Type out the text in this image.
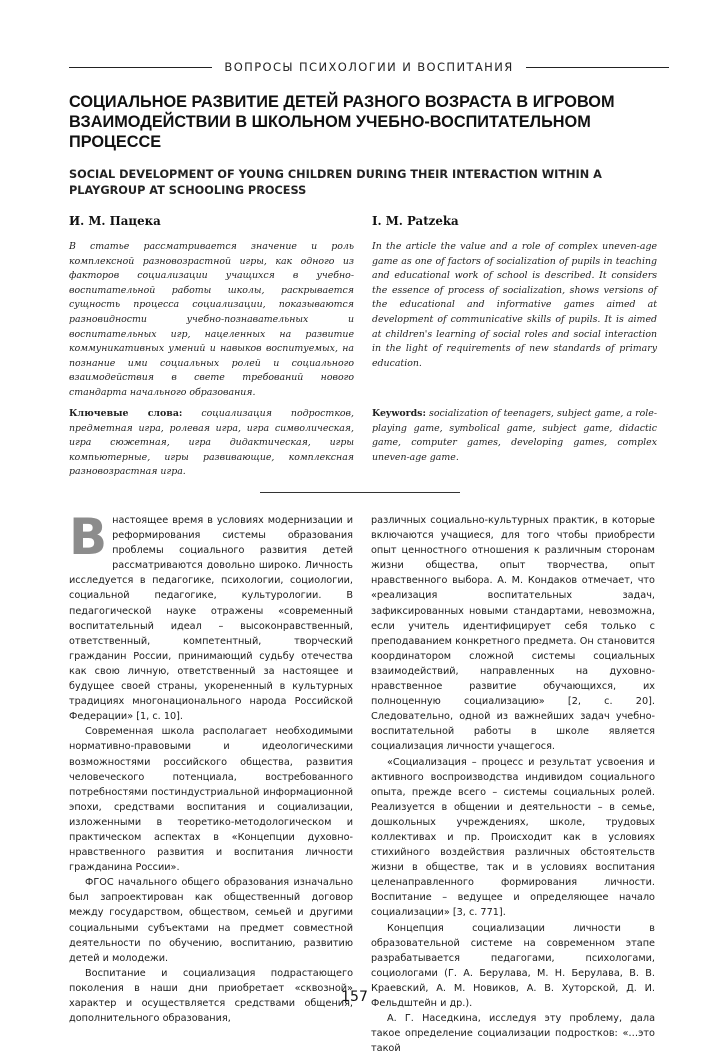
ВОПРОСЫ ПСИХОЛОГИИ И ВОСПИТАНИЯ
СОЦИАЛЬНОЕ РАЗВИТИЕ ДЕТЕЙ РАЗНОГО ВОЗРАСТА В ИГРОВОМ ВЗАИМОДЕЙСТВИИ В ШКОЛЬНОМ УЧЕБНО-ВОСПИТАТЕЛЬНОМ ПРОЦЕССЕ
SOCIAL DEVELOPMENT OF YOUNG CHILDREN DURING THEIR INTERACTION WITHIN A PLAYGROUP AT SCHOOLING PROCESS
И. М. Пацека	I. M. Patzeka

В статье рассматривается значение и роль комплексной разновозрастной игры, как одного из факторов социализации учащихся в учебно-воспитательной работы школы, раскрывается сущность процесса социализации, показываются разновидности учебно-познавательных и воспитательных игр, нацеленных на развитие коммуникативных умений и навыков воспитуемых, на познание ими социальных ролей и социального взаимодействия в свете требований нового стандарта начального образования.

In the article the value and a role of complex uneven-age game as one of factors of socialization of pupils in teaching and educational work of school is described. It considers the essence of process of socialization, shows versions of the educational and informative games aimed at development of communicative skills of pupils. It is aimed at children's learning of social roles and social interaction in the light of requirements of new standards of primary education.

Ключевые слова: социализация подростков, предметная игра, ролевая игра, игра символическая, игра сюжетная, игра дидактическая, игры компьютерные, игры развивающие, комплексная разновозрастная игра.

Keywords: socialization of teenagers, subject game, a role-playing game, symbolical game, subject game, didactic game, computer games, developing games, complex uneven-age game.

Внастоящее время в условиях модернизации и реформирования системы образования проблемы социального развития детей рассматриваются довольно широко. Личность исследуется в педагогике, психологии, социологии, социальной педагогике, культурологии. В педагогической науке отражены «современный воспитательный идеал – высоконравственный, ответственный, компетентный, творческий гражданин России, принимающий судьбу отечества как свою личную, ответственный за настоящее и будущее своей страны, укорененный в культурных традициях многонационального народа Российской Федерации» [1, с. 10].

Современная школа располагает необходимыми нормативно-правовыми и идеологическими возможностями российского общества, развития человеческого потенциала, востребованного потребностями постиндустриальной информационной эпохи, средствами воспитания и социализации, изложенными в теоретико-методологическом и практическом аспектах в «Концепции духовно-нравственного развития и воспитания личности гражданина России».

ФГОС начального общего образования изначально был запроектирован как общественный договор между государством, обществом, семьей и другими социальными субъектами на предмет совместной деятельности по обучению, воспитанию, развитию детей и молодежи.

Воспитание и социализация подрастающего поколения в наши дни приобретает «сквозной» характер и осуществляется средствами общения, дополнительного образования,

различных социально-культурных практик, в которые включаются учащиеся, для того чтобы приобрести опыт ценностного отношения к различным сторонам жизни общества, опыт творчества, опыт нравственного выбора. А. М. Кондаков отмечает, что «реализация воспитательных задач, зафиксированных новыми стандартами, невозможна, если учитель идентифицирует себя только с преподаванием конкретного предмета. Он становится координатором сложной системы социальных взаимодействий, направленных на духовно-нравственное развитие обучающихся, их полноценную социализацию» [2, с. 20]. Следовательно, одной из важнейших задач учебно-воспитательной работы в школе является социализация личности учащегося.

«Социализация – процесс и результат усвоения и активного воспроизводства индивидом социального опыта, прежде всего – системы социальных ролей. Реализуется в общении и деятельности – в семье, дошкольных учреждениях, школе, трудовых коллективах и пр. Происходит как в условиях стихийного воздействия различных обстоятельств жизни в обществе, так и в условиях воспитания целенаправленного формирования личности. Воспитание – ведущее и определяющее начало социализации» [3, с. 771].

Концепция социализации личности в образовательной системе на современном этапе разрабатывается педагогами, психологами, социологами (Г. А. Берулава, М. Н. Берулава, В. В. Краевский, А. М. Новиков, А. В. Хуторской, Д. И. Фельдштейн и др.).

А. Г. Наседкина, исследуя эту проблему, дала такое определение социализации подростков: «…это такой

157
